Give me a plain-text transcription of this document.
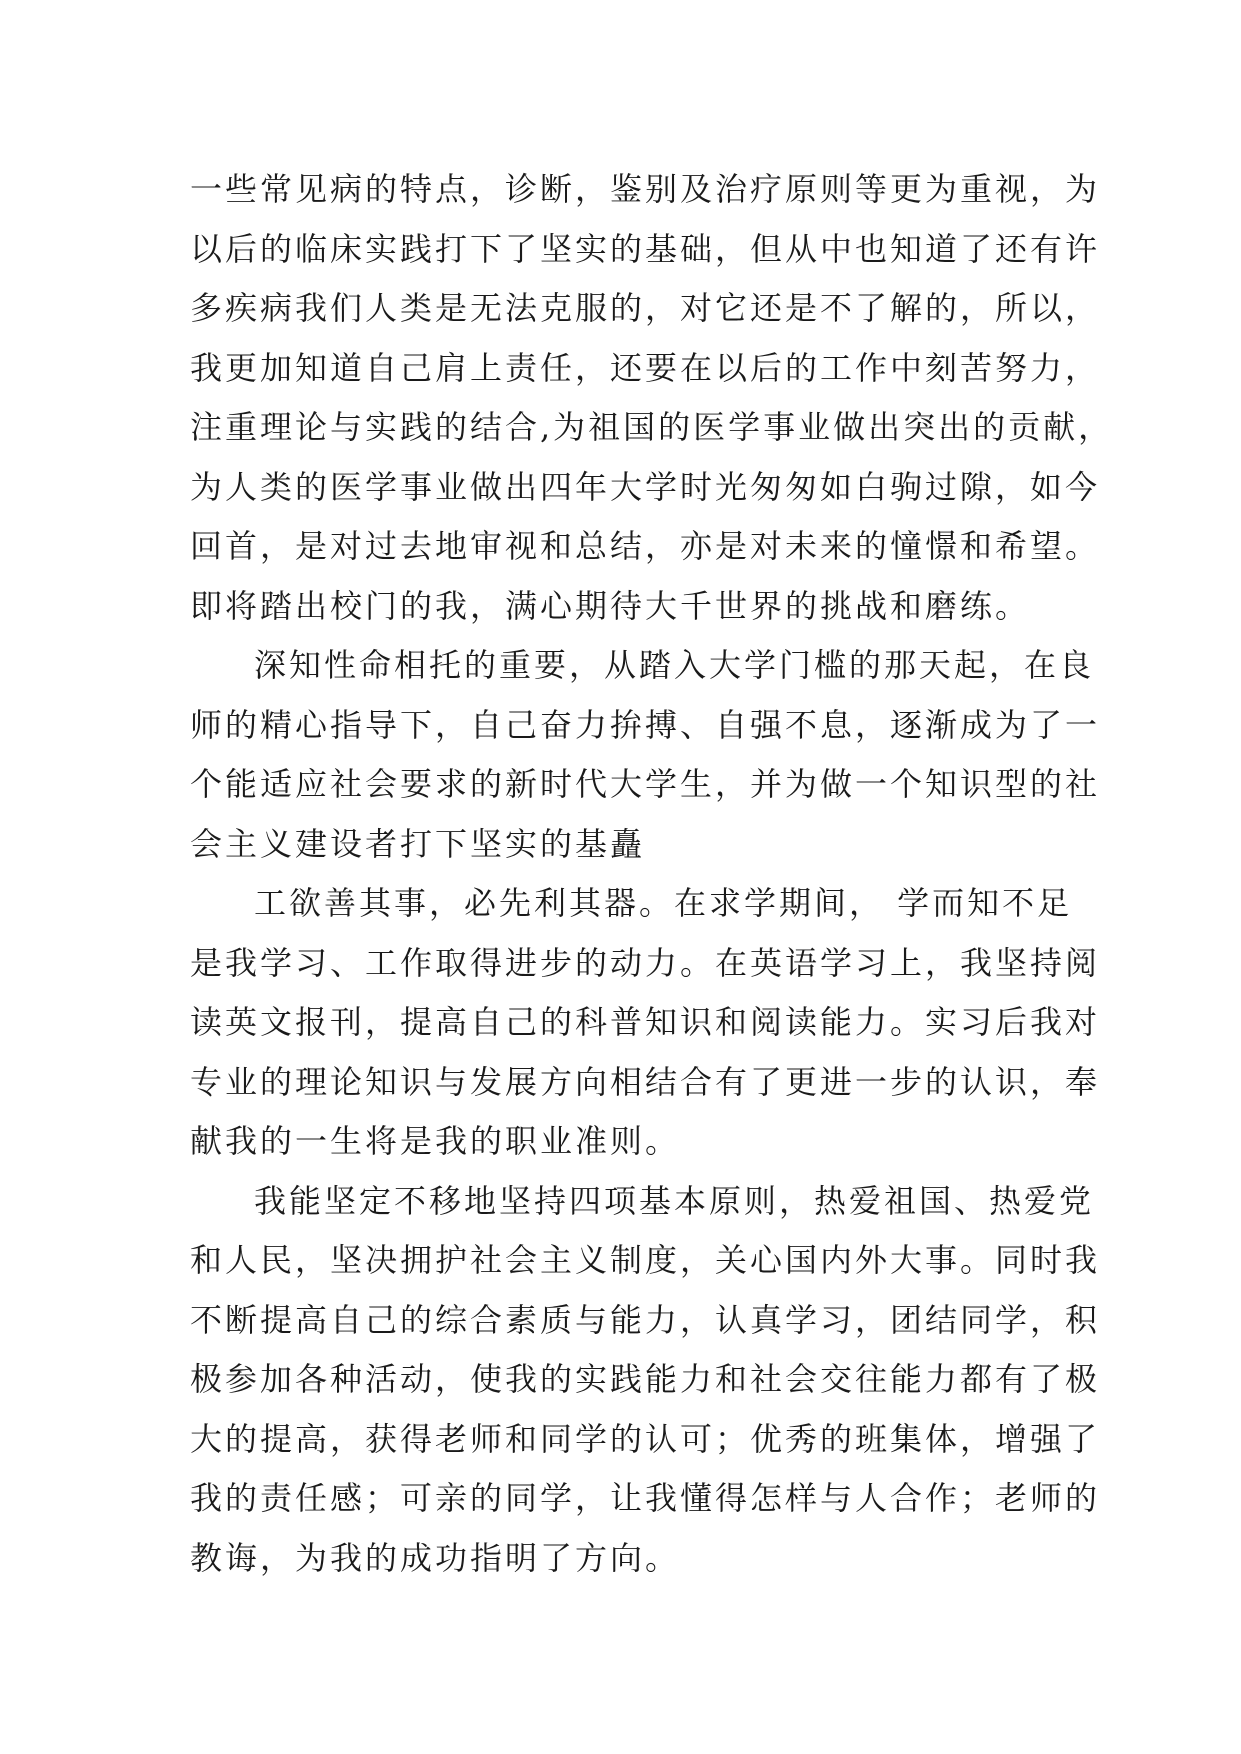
一些常见病的特点，诊断，鉴别及治疗原则等更为重视，为
以后的临床实践打下了坚实的基础，但从中也知道了还有许
多疾病我们人类是无法克服的，对它还是不了解的，所以，
我更加知道自己肩上责任，还要在以后的工作中刻苦努力，
注重理论与实践的结合,为祖国的医学事业做出突出的贡献，
为人类的医学事业做出四年大学时光匆匆如白驹过隙，如今
回首，是对过去地审视和总结，亦是对未来的憧憬和希望。
即将踏出校门的我，满心期待大千世界的挑战和磨练。
深知性命相托的重要，从踏入大学门槛的那天起，在良
师的精心指导下，自己奋力拚搏、自强不息，逐渐成为了一
个能适应社会要求的新时代大学生，并为做一个知识型的社
会主义建设者打下坚实的基矗
工欲善其事，必先利其器。在求学期间， 学而知不足
是我学习、工作取得进步的动力。在英语学习上，我坚持阅
读英文报刊，提高自己的科普知识和阅读能力。实习后我对
专业的理论知识与发展方向相结合有了更进一步的认识，奉
献我的一生将是我的职业准则。
我能坚定不移地坚持四项基本原则，热爱祖国、热爱党
和人民，坚决拥护社会主义制度，关心国内外大事。同时我
不断提高自己的综合素质与能力，认真学习，团结同学，积
极参加各种活动，使我的实践能力和社会交往能力都有了极
大的提高，获得老师和同学的认可；优秀的班集体，增强了
我的责任感；可亲的同学，让我懂得怎样与人合作；老师的
教诲，为我的成功指明了方向。
